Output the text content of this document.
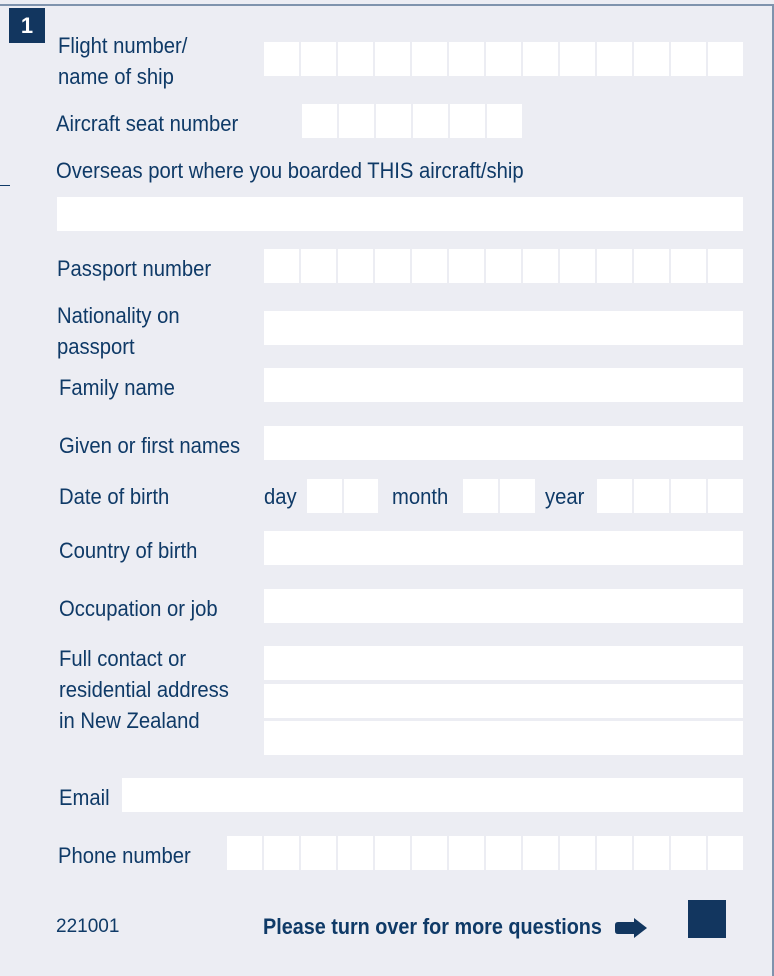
1
Flight number/
name of ship
Aircraft seat number
Overseas port where you boarded THIS aircraft/ship
Passport number
Nationality on
passport
Family name
Given or first names
Date of birth	day	month	year
Country of birth
Occupation or job
Full contact or
residential address
in New Zealand
Email
Phone number
221001	Please turn over for more questions
